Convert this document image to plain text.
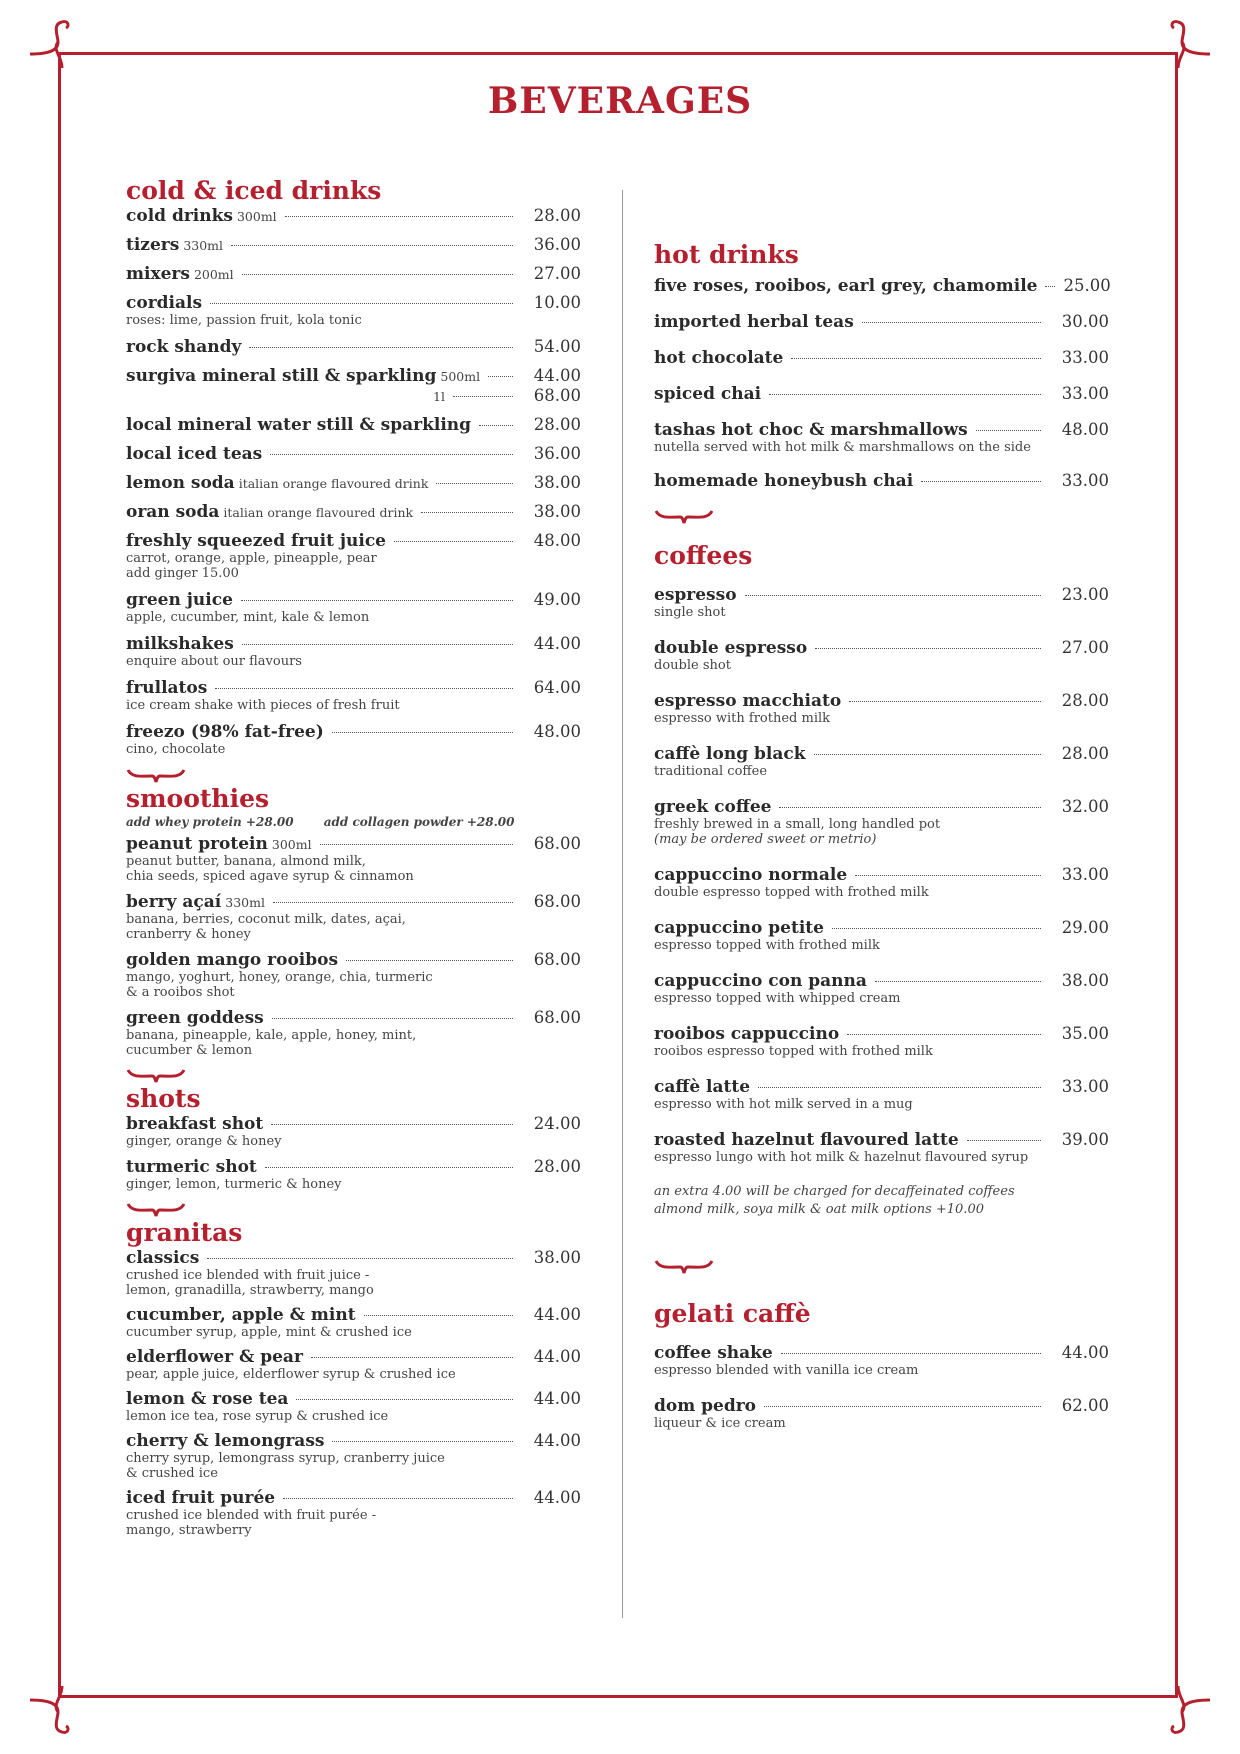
BEVERAGES
cold & iced drinks
cold drinks 300ml	28.00
tizers 330ml	36.00
mixers 200ml	27.00
cordials	10.00
roses: lime, passion fruit, kola tonic
rock shandy	54.00
surgiva mineral still & sparkling 500ml	44.00
1l	68.00
local mineral water still & sparkling	28.00
local iced teas	36.00
lemon soda italian orange flavoured drink	38.00
oran soda italian orange flavoured drink	38.00
freshly squeezed fruit juice	48.00
carrot, orange, apple, pineapple, pear
add ginger 15.00
green juice	49.00
apple, cucumber, mint, kale & lemon
milkshakes	44.00
enquire about our flavours
frullatos	64.00
ice cream shake with pieces of fresh fruit
freezo (98% fat-free)	48.00
cino, chocolate
smoothies
add whey protein +28.00	add collagen powder +28.00
peanut protein 300ml	68.00
peanut butter, banana, almond milk,
chia seeds, spiced agave syrup & cinnamon
berry açaí 330ml	68.00
banana, berries, coconut milk, dates, açai,
cranberry & honey
golden mango rooibos	68.00
mango, yoghurt, honey, orange, chia, turmeric
& a rooibos shot
green goddess	68.00
banana, pineapple, kale, apple, honey, mint,
cucumber & lemon
shots
breakfast shot	24.00
ginger, orange & honey
turmeric shot	28.00
ginger, lemon, turmeric & honey
granitas
classics	38.00
crushed ice blended with fruit juice -
lemon, granadilla, strawberry, mango
cucumber, apple & mint	44.00
cucumber syrup, apple, mint & crushed ice
elderflower & pear	44.00
pear, apple juice, elderflower syrup & crushed ice
lemon & rose tea	44.00
lemon ice tea, rose syrup & crushed ice
cherry & lemongrass	44.00
cherry syrup, lemongrass syrup, cranberry juice
& crushed ice
iced fruit purée	44.00
crushed ice blended with fruit purée -
mango, strawberry
hot drinks
five roses, rooibos, earl grey, chamomile 25.00
imported herbal teas	30.00
hot chocolate	33.00
spiced chai	33.00
tashas hot choc & marshmallows	48.00
nutella served with hot milk & marshmallows on the side
homemade honeybush chai	33.00
coffees
espresso	23.00
single shot
double espresso	27.00
double shot
espresso macchiato	28.00
espresso with frothed milk
caffè long black	28.00
traditional coffee
greek coffee	32.00
freshly brewed in a small, long handled pot
(may be ordered sweet or metrio)
cappuccino normale	33.00
double espresso topped with frothed milk
cappuccino petite	29.00
espresso topped with frothed milk
cappuccino con panna	38.00
espresso topped with whipped cream
rooibos cappuccino	35.00
rooibos espresso topped with frothed milk
caffè latte	33.00
espresso with hot milk served in a mug
roasted hazelnut flavoured latte	39.00
espresso lungo with hot milk & hazelnut flavoured syrup
an extra 4.00 will be charged for decaffeinated coffees
almond milk, soya milk & oat milk options +10.00
gelati caffè
coffee shake	44.00
espresso blended with vanilla ice cream
dom pedro	62.00
liqueur & ice cream
